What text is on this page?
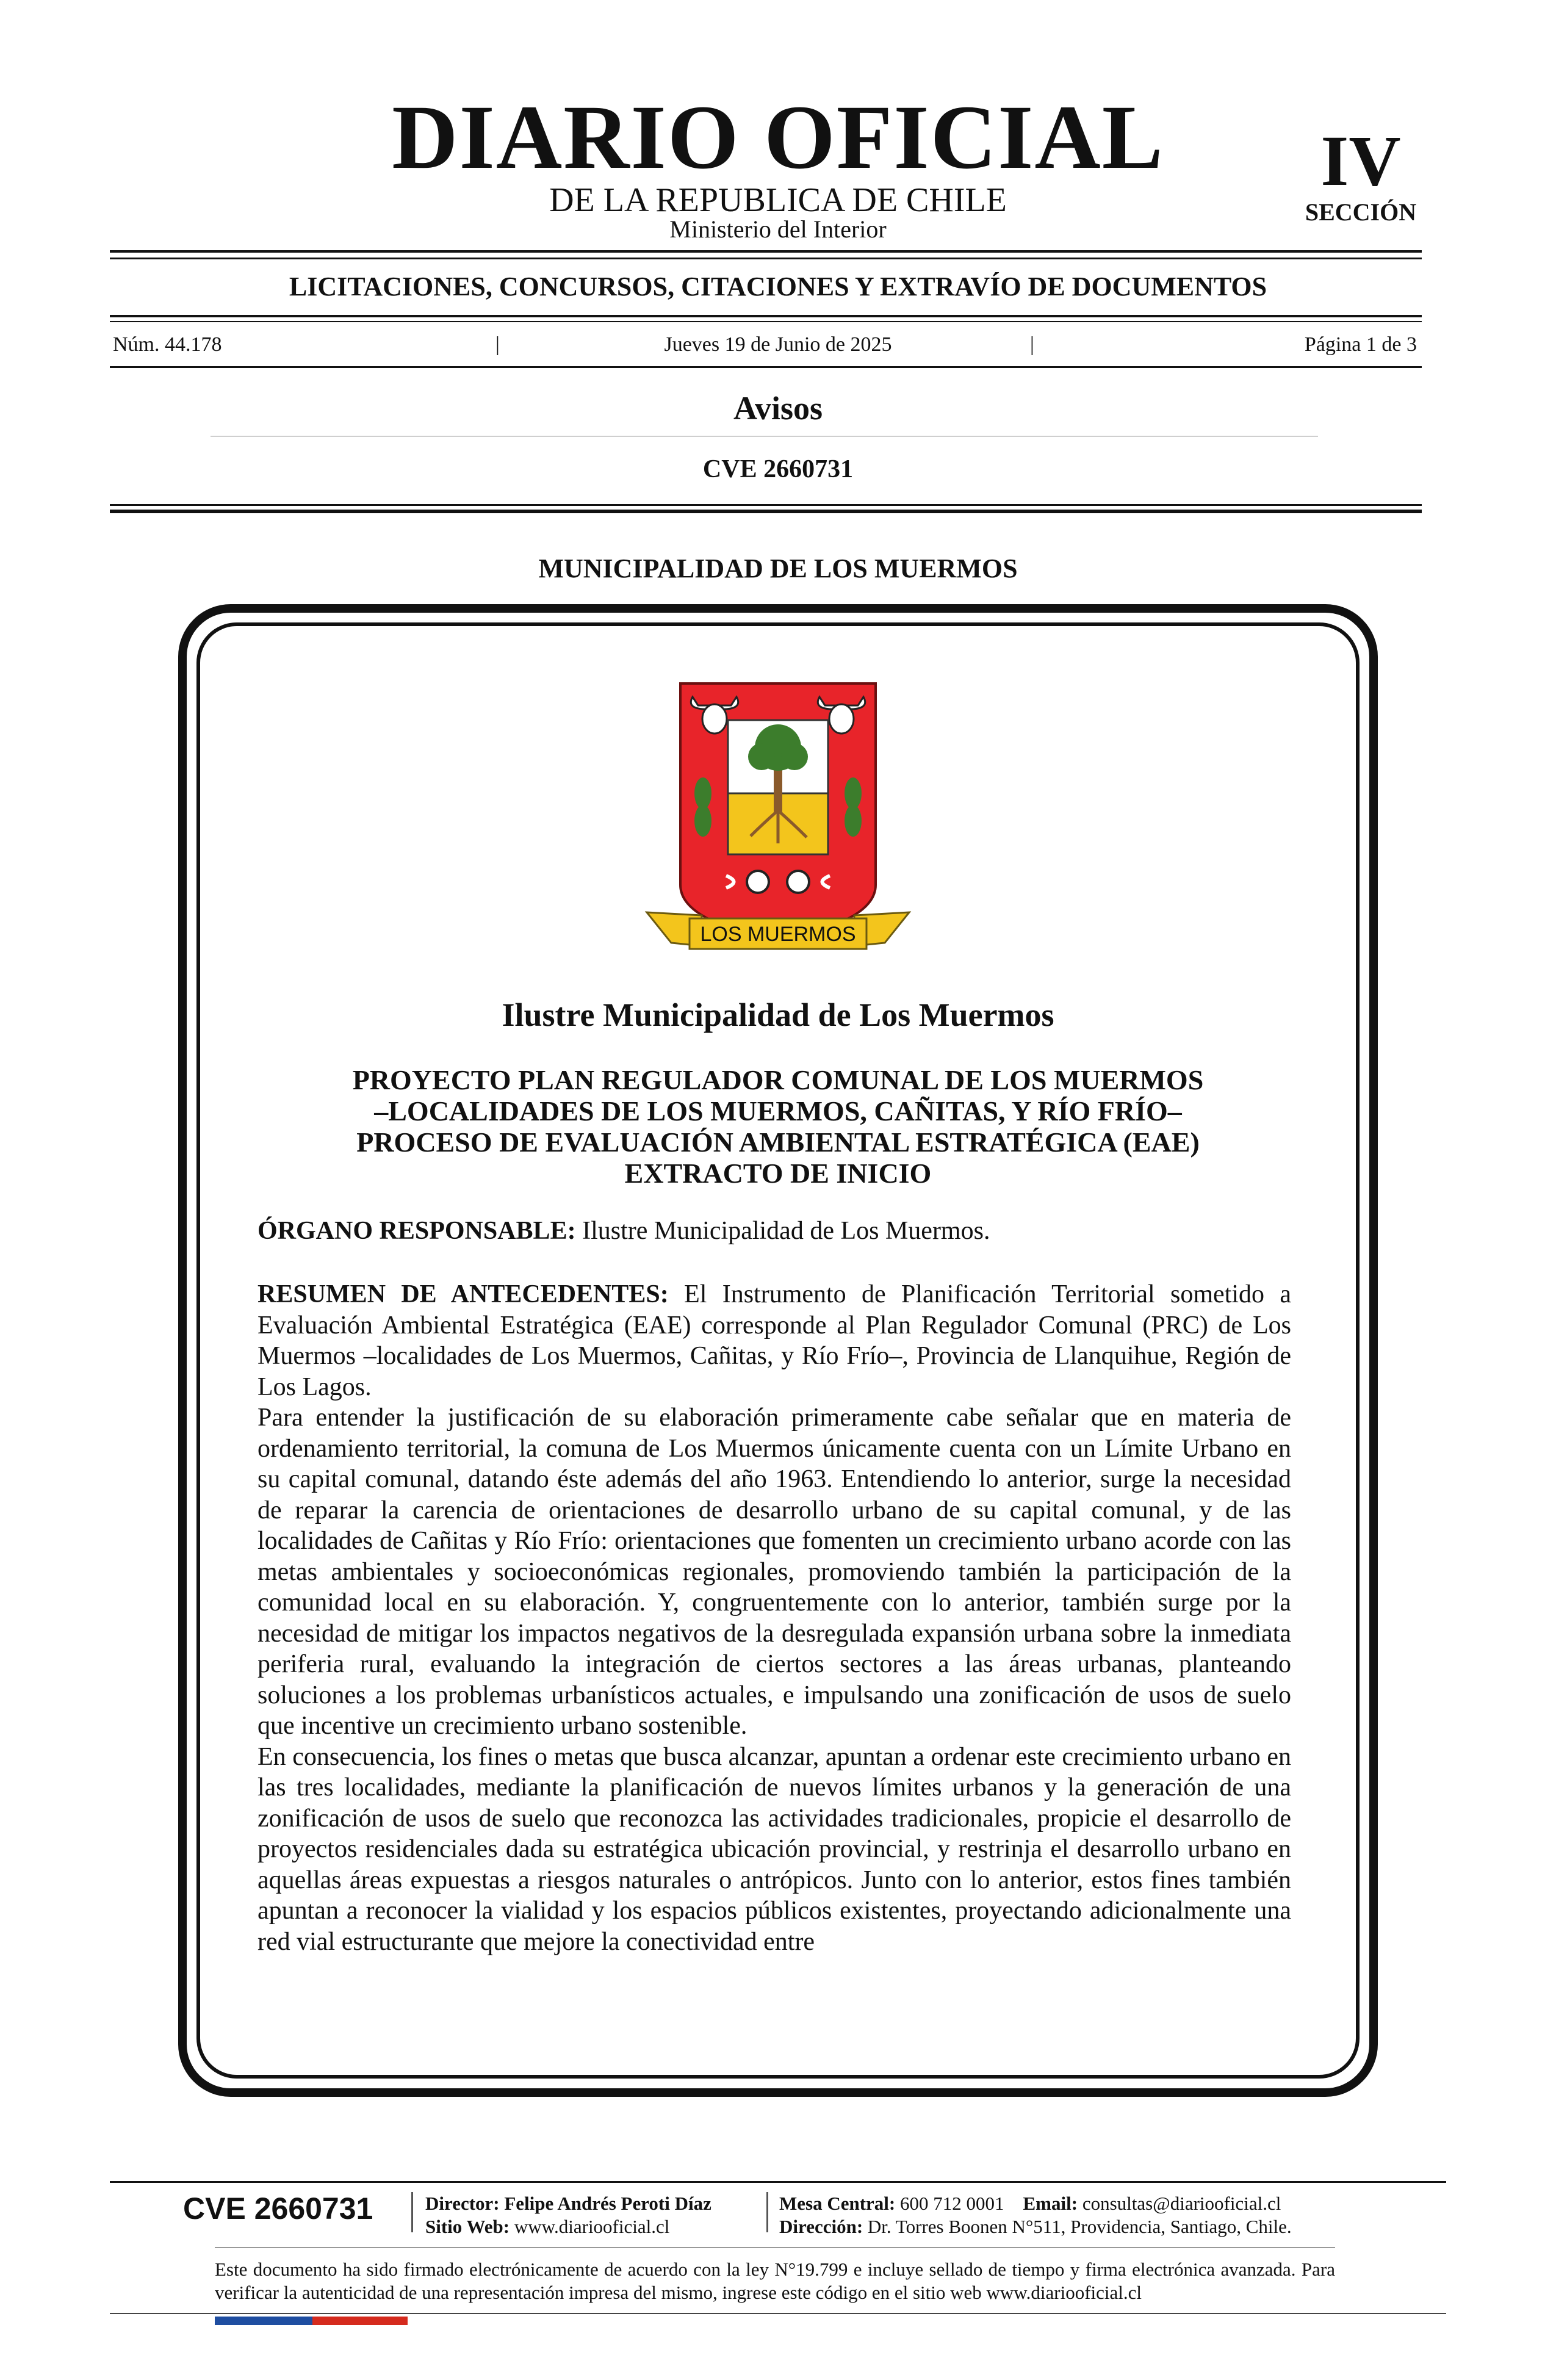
DIARIO OFICIAL
DE LA REPUBLICA DE CHILE
Ministerio del Interior
IV
SECCIÓN
LICITACIONES, CONCURSOS, CITACIONES Y EXTRAVÍO DE DOCUMENTOS
Núm. 44.178	|	Jueves 19 de Junio de 2025	|	Página 1 de 3
Avisos
CVE 2660731
MUNICIPALIDAD DE LOS MUERMOS
LOS MUERMOS
Ilustre Municipalidad de Los Muermos
PROYECTO PLAN REGULADOR COMUNAL DE LOS MUERMOS
–LOCALIDADES DE LOS MUERMOS, CAÑITAS, Y RÍO FRÍO–
PROCESO DE EVALUACIÓN AMBIENTAL ESTRATÉGICA (EAE)
EXTRACTO DE INICIO

ÓRGANO RESPONSABLE: Ilustre Municipalidad de Los Muermos.

RESUMEN DE ANTECEDENTES: El Instrumento de Planificación Territorial sometido a Evaluación Ambiental Estratégica (EAE) corresponde al Plan Regulador Comunal (PRC) de Los Muermos –localidades de Los Muermos, Cañitas, y Río Frío–, Provincia de Llanquihue, Región de Los Lagos.

Para entender la justificación de su elaboración primeramente cabe señalar que en materia de ordenamiento territorial, la comuna de Los Muermos únicamente cuenta con un Límite Urbano en su capital comunal, datando éste además del año 1963. Entendiendo lo anterior, surge la necesidad de reparar la carencia de orientaciones de desarrollo urbano de su capital comunal, y de las localidades de Cañitas y Río Frío: orientaciones que fomenten un crecimiento urbano acorde con las metas ambientales y socioeconómicas regionales, promoviendo también la participación de la comunidad local en su elaboración. Y, congruentemente con lo anterior, también surge por la necesidad de mitigar los impactos negativos de la desregulada expansión urbana sobre la inmediata periferia rural, evaluando la integración de ciertos sectores a las áreas urbanas, planteando soluciones a los problemas urbanísticos actuales, e impulsando una zonificación de usos de suelo que incentive un crecimiento urbano sostenible.

En consecuencia, los fines o metas que busca alcanzar, apuntan a ordenar este crecimiento urbano en las tres localidades, mediante la planificación de nuevos límites urbanos y la generación de una zonificación de usos de suelo que reconozca las actividades tradicionales, propicie el desarrollo de proyectos residenciales dada su estratégica ubicación provincial, y restrinja el desarrollo urbano en aquellas áreas expuestas a riesgos naturales o antrópicos. Junto con lo anterior, estos fines también apuntan a reconocer la vialidad y los espacios públicos existentes, proyectando adicionalmente una red vial estructurante que mejore la conectividad entre

CVE 2660731	Director: Felipe Andrés Peroti Díaz
Sitio Web: www.diariooficial.cl
Mesa Central: 600 712 0001 Email: consultas@diariooficial.cl
Dirección: Dr. Torres Boonen N°511, Providencia, Santiago, Chile.
Este documento ha sido firmado electrónicamente de acuerdo con la ley N°19.799 e incluye sellado de tiempo y firma electrónica avanzada. Para verificar la autenticidad de una representación impresa del mismo, ingrese este código en el sitio web www.diariooficial.cl
